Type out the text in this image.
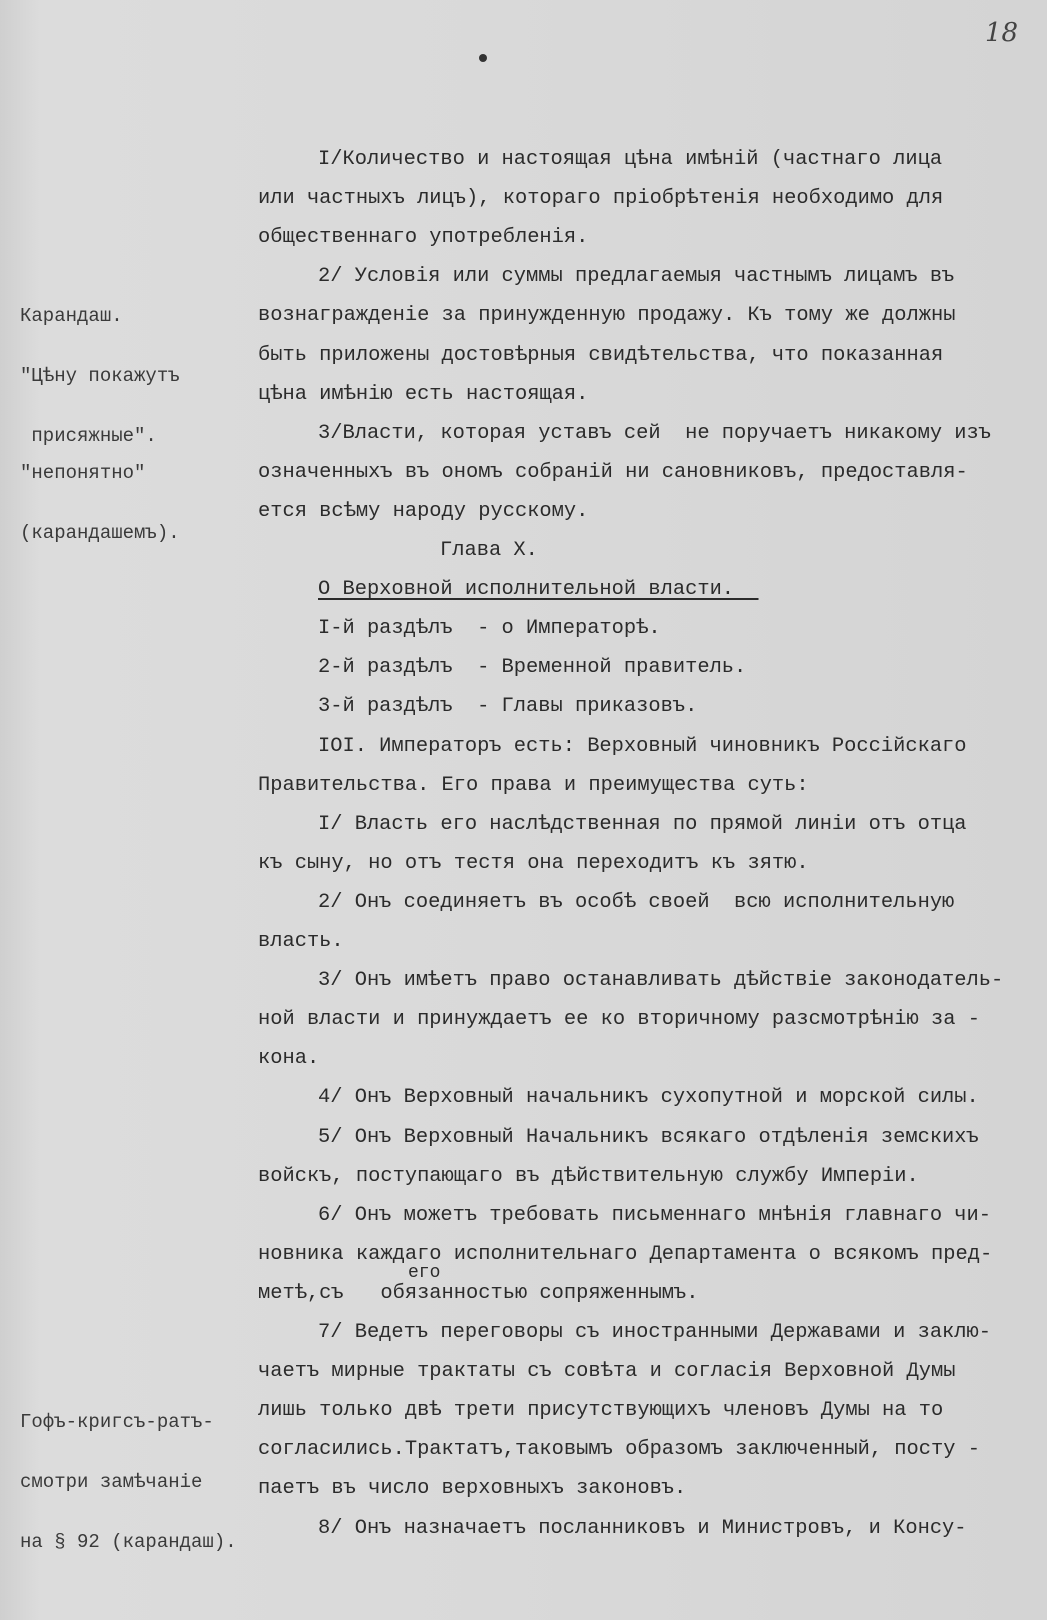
18

Карандаш.

"Цѣну покажутъ

присяжные".

"непонятно"

(карандашемъ).

Гофъ-кригсъ-ратъ-

смотри замѣчаніе

на § 92 (карандаш).

I/Количество и настоящая цѣна имѣній (частнаго лица
или частныхъ лицъ), котораго пріобрѣтенія необходимо для
общественнаго употребленія.
2/ Условія или суммы предлагаемыя частнымъ лицамъ въ
вознагражденіе за принужденную продажу. Къ тому же должны
быть приложены достовѣрныя свидѣтельства, что показанная
цѣна имѣнію есть настоящая.
3/Власти, которая уставъ сей  не поручаетъ никакому изъ
означенныхъ въ ономъ собраній ни сановниковъ, предоставля-
ется всѣму народу русскому.
Глава X.
О Верховной исполнительной власти.
I-й раздѣлъ  - о Императорѣ.
2-й раздѣлъ  - Временной правитель.
3-й раздѣлъ  - Главы приказовъ.
IOI. Императоръ есть: Верховный чиновникъ Россійскаго
Правительства. Его права и преимущества суть:
I/ Власть его наслѣдственная по прямой линіи отъ отца
къ сыну, но отъ тестя она переходитъ къ зятю.
2/ Онъ соединяетъ въ особѣ своей  всю исполнительную
власть.
3/ Онъ имѣетъ право останавливать дѣйствіе законодатель-
ной власти и принуждаетъ ее ко вторичному разсмотрѣнію за -
кона.
4/ Онъ Верховный начальникъ сухопутной и морской силы.
5/ Онъ Верховный Начальникъ всякаго отдѣленія земскихъ
войскъ, поступающаго въ дѣйствительную службу Имперіи.
6/ Онъ можетъ требовать письменнаго мнѣнія главнаго чи-
новника каждаго исполнительнаго Департамента о всякомъ пред-
метѣ,съ   обязанностью сопряженнымъ.
7/ Ведетъ переговоры съ иностранными Державами и заклю-
чаетъ мирные трактаты съ совѣта и согласія Верховной Думы
лишь только двѣ трети присутствующихъ членовъ Думы на то
согласились.Трактатъ,таковымъ образомъ заключенный, посту -
паетъ въ число верховныхъ законовъ.
8/ Онъ назначаетъ посланниковъ и Министровъ, и Консу-
его
